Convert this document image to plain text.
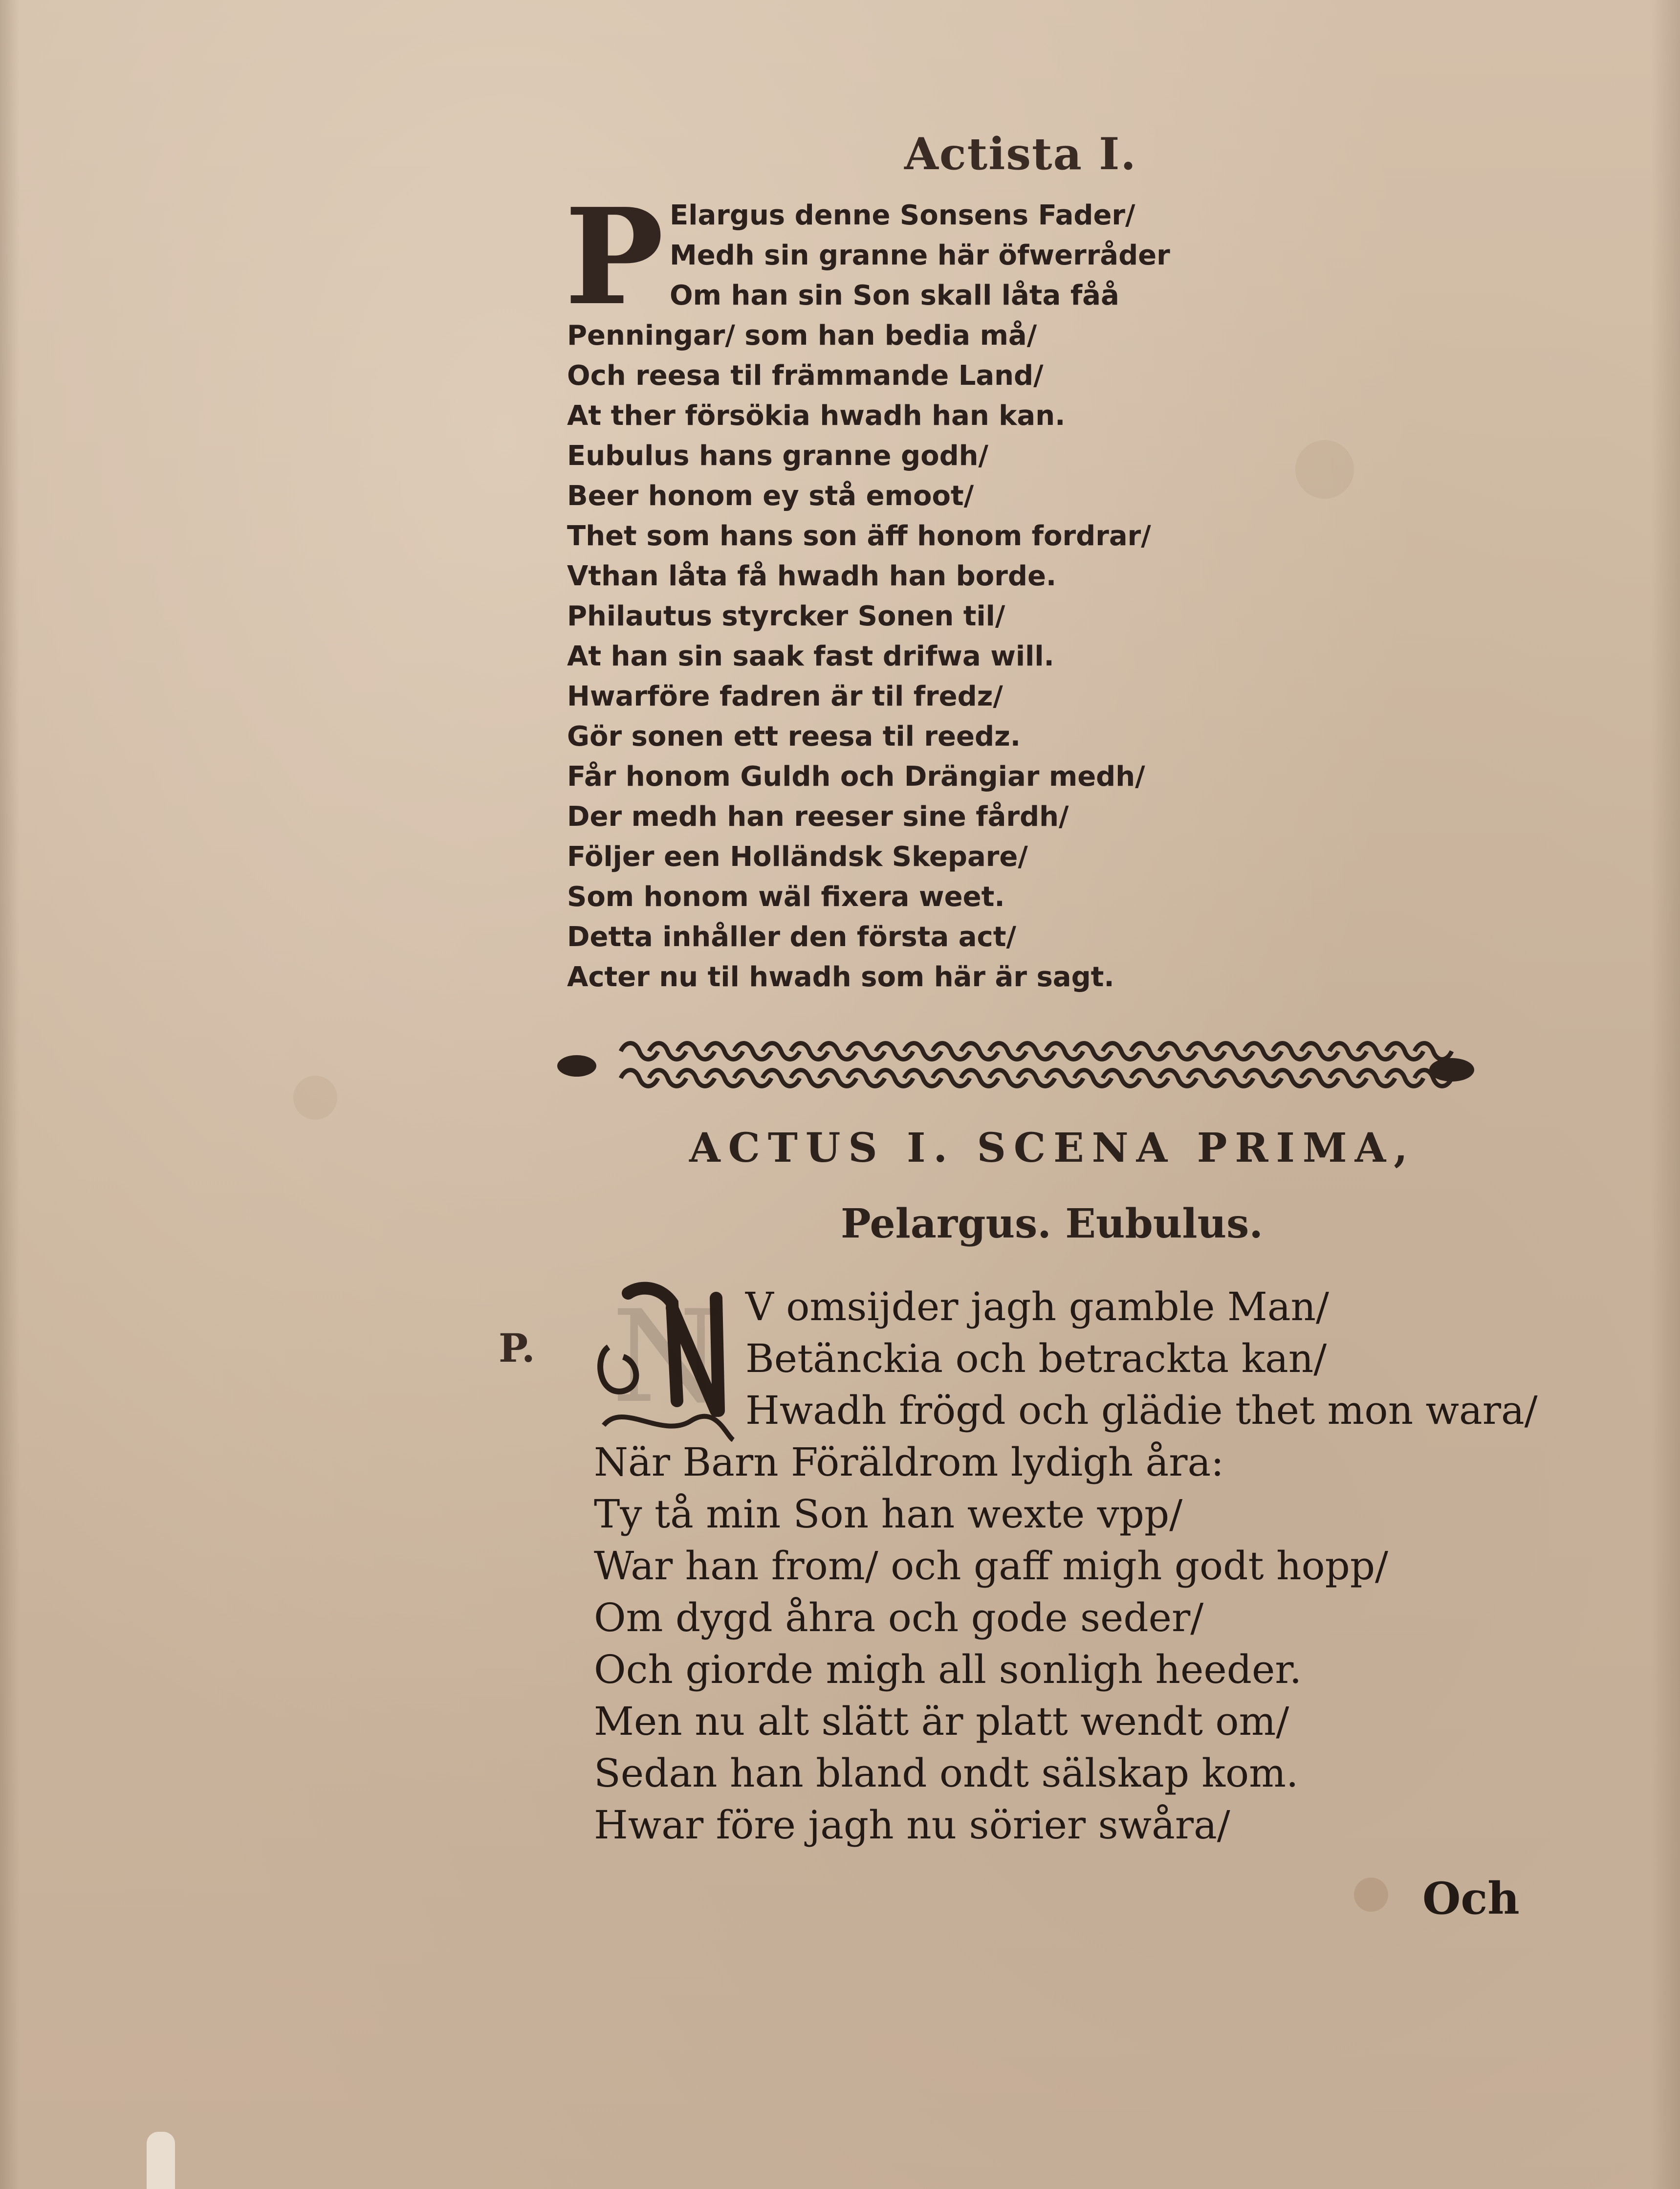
Actista I.
P Elargus denne Sonsens Fader/
Medh sin granne här öfwerråder
Om han sin Son skall låta fåå
Penningar/ som han bedia må/
Och reesa til främmande Land/
At ther försökia hwadh han kan.
Eubulus hans granne godh/
Beer honom ey stå emoot/
Thet som hans son äff honom fordrar/
Vthan låta få hwadh han borde.
Philautus styrcker Sonen til/
At han sin saak fast drifwa will.
Hwarföre fadren är til fredz/
Gör sonen ett reesa til reedz.
Får honom Guldh och Drängiar medh/
Der medh han reeser sine fårdh/
Följer een Holländsk Skepare/
Som honom wäl fixera weet.
Detta inhåller den första act/
Acter nu til hwadh som här är sagt.
ACTUS I. SCENA PRIMA,
Pelargus. Eubulus.
P. N V omsijder jagh gamble Man/
Betänckia och betrackta kan/
Hwadh frögd och glädie thet mon wara/
När Barn Föräldrom lydigh åra:
Ty tå min Son han wexte vpp/
War han from/ och gaff migh godt hopp/
Om dygd åhra och gode seder/
Och giorde migh all sonligh heeder.
Men nu alt slätt är platt wendt om/
Sedan han bland ondt sälskap kom.
Hwar före jagh nu sörier swåra/
Och
